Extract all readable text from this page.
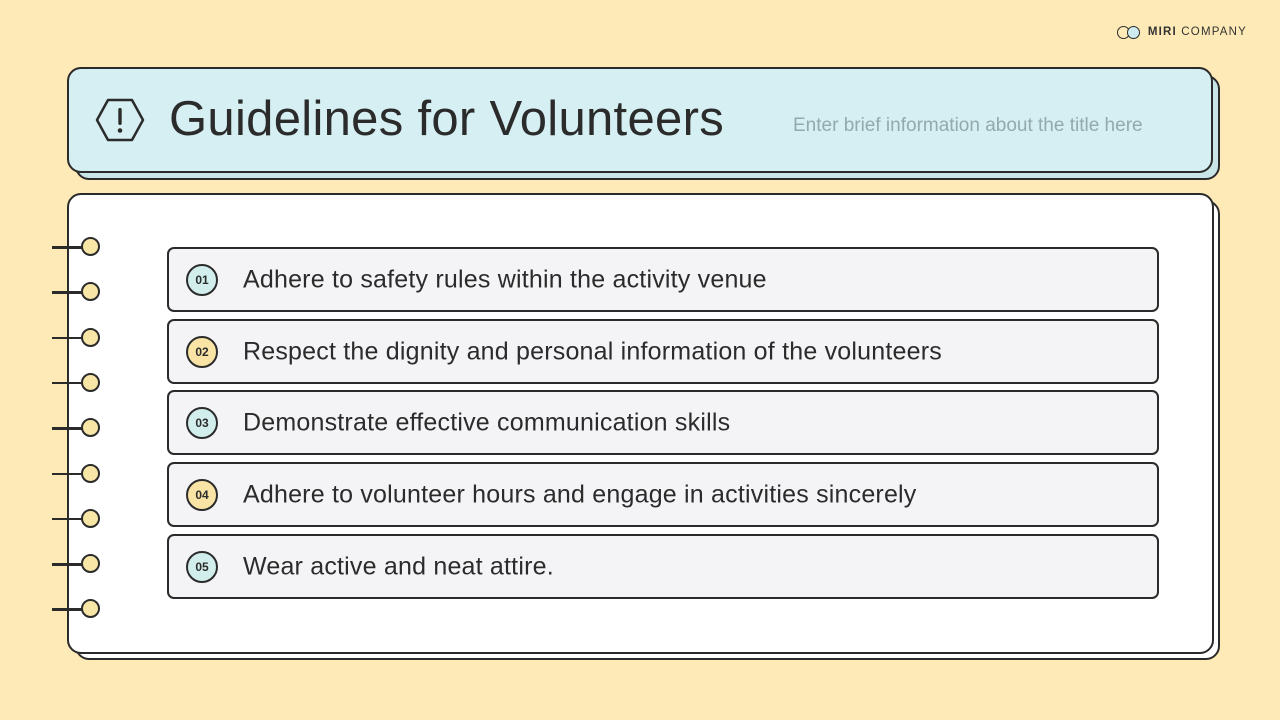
MIRI COMPANY
Guidelines for Volunteers	Enter brief information about the title here
01	Adhere to safety rules within the activity venue
02	Respect the dignity and personal information of the volunteers
03	Demonstrate effective communication skills
04	Adhere to volunteer hours and engage in activities sincerely
05	Wear active and neat attire.
